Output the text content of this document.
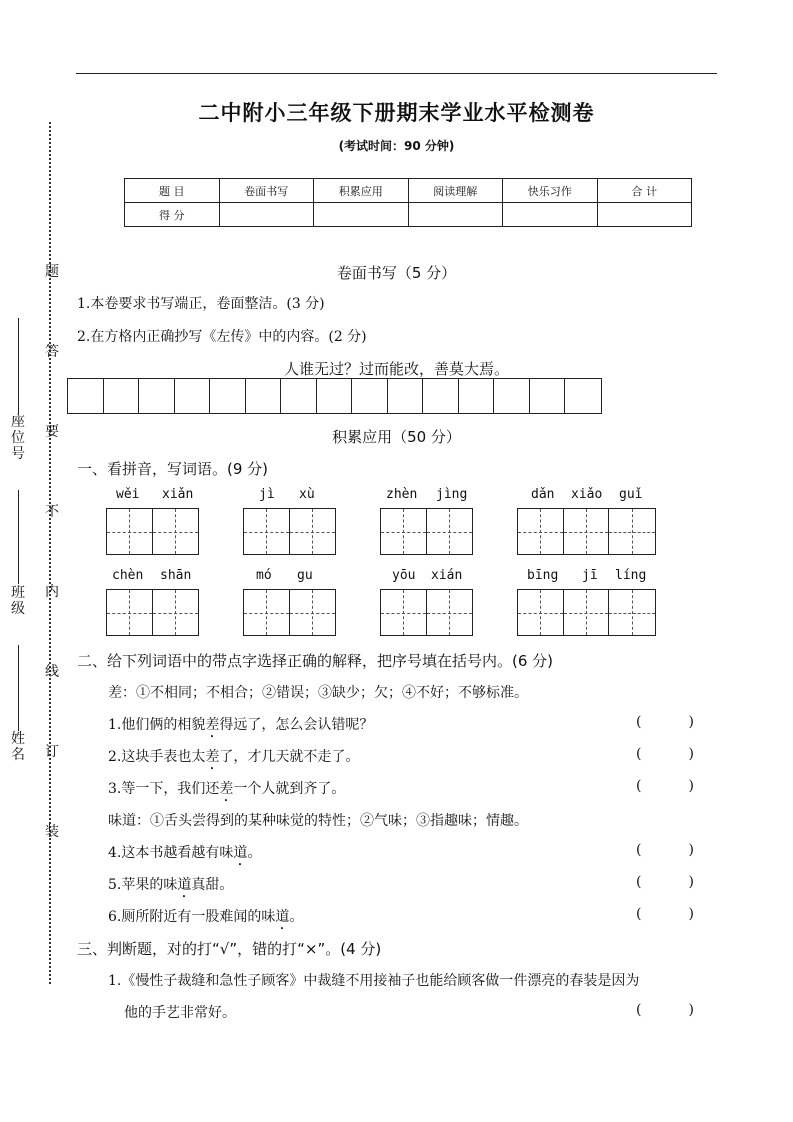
二中附小三年级下册期末学业水平检测卷
(考试时间：90 分钟)
题 目	卷面书写	积累应用	阅读理解	快乐习作	合 计
得 分					
题
答
要
不
内
线
订
装
座位号
班级
姓名
卷面书写（5 分）
1.本卷要求书写端正，卷面整洁。(3 分)
2.在方格内正确抄写《左传》中的内容。(2 分)
人谁无过？过而能改，善莫大焉。
积累应用（50 分）
一、看拼音，写词语。(9 分)
wěi xiǎn	jì xù	zhèn jìng	dǎn xiǎo guǐ
chèn shān	mó gu	yōu xián	bīng jī líng
二、给下列词语中的带点字选择正确的解释，把序号填在括号内。(6 分)
差：①不相同；不相合；②错误；③缺少；欠；④不好；不够标准。
1.他们俩的相貌差得远了，怎么会认错呢？	(	)
2.这块手表也太差了，才几天就不走了。	(	)
3.等一下，我们还差一个人就到齐了。	(	)
味道：①舌头尝得到的某种味觉的特性；②气味；③指趣味；情趣。
4.这本书越看越有味道。	(	)
5.苹果的味道真甜。	(	)
6.厕所附近有一股难闻的味道。	(	)
三、判断题，对的打“√”，错的打“×”。(4 分)
1.《慢性子裁缝和急性子顾客》中裁缝不用接袖子也能给顾客做一件漂亮的春装是因为
他的手艺非常好。	(	)
